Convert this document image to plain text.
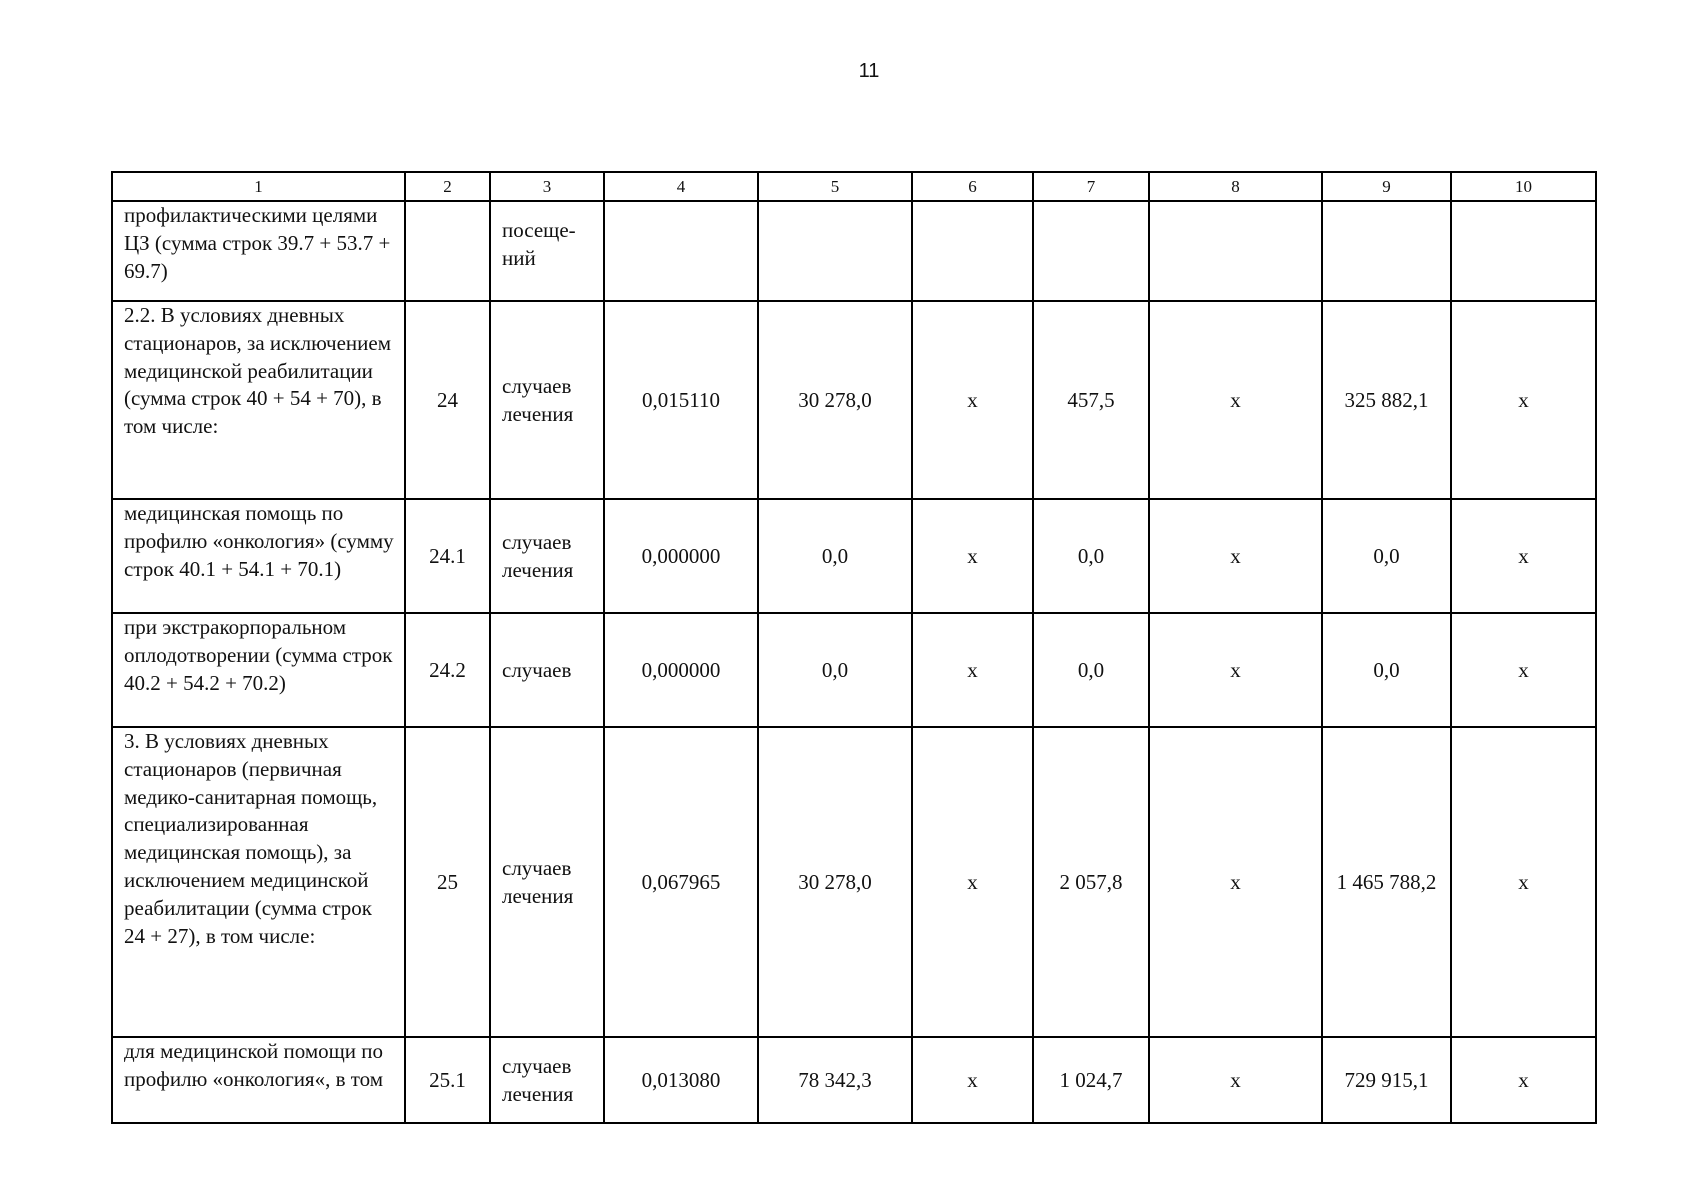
11
1	2	3	4	5	6	7	8	9	10
профилактическими целями ЦЗ (сумма строк 39.7 + 53.7 + 69.7)		посеще-ний							
2.2. В условиях дневных стационаров, за исключением медицинской реабилитации (сумма строк 40 + 54 + 70), в том числе:	24	случаев лечения	0,015110	30 278,0	х	457,5	х	325 882,1	х
медицинская помощь по профилю «онкология» (сумму строк 40.1 + 54.1 + 70.1)	24.1	случаев лечения	0,000000	0,0	х	0,0	х	0,0	х
при экстракорпоральном оплодотворении (сумма строк 40.2 + 54.2 + 70.2)	24.2	случаев	0,000000	0,0	х	0,0	х	0,0	х
3. В условиях дневных стационаров (первичная медико-санитарная помощь, специализированная медицинская помощь), за исключением медицинской реабилитации (сумма строк 24 + 27), в том числе:	25	случаев лечения	0,067965	30 278,0	х	2 057,8	х	1 465 788,2	х
для медицинской помощи по профилю «онкология«, в том	25.1	случаев лечения	0,013080	78 342,3	х	1 024,7	х	729 915,1	х
